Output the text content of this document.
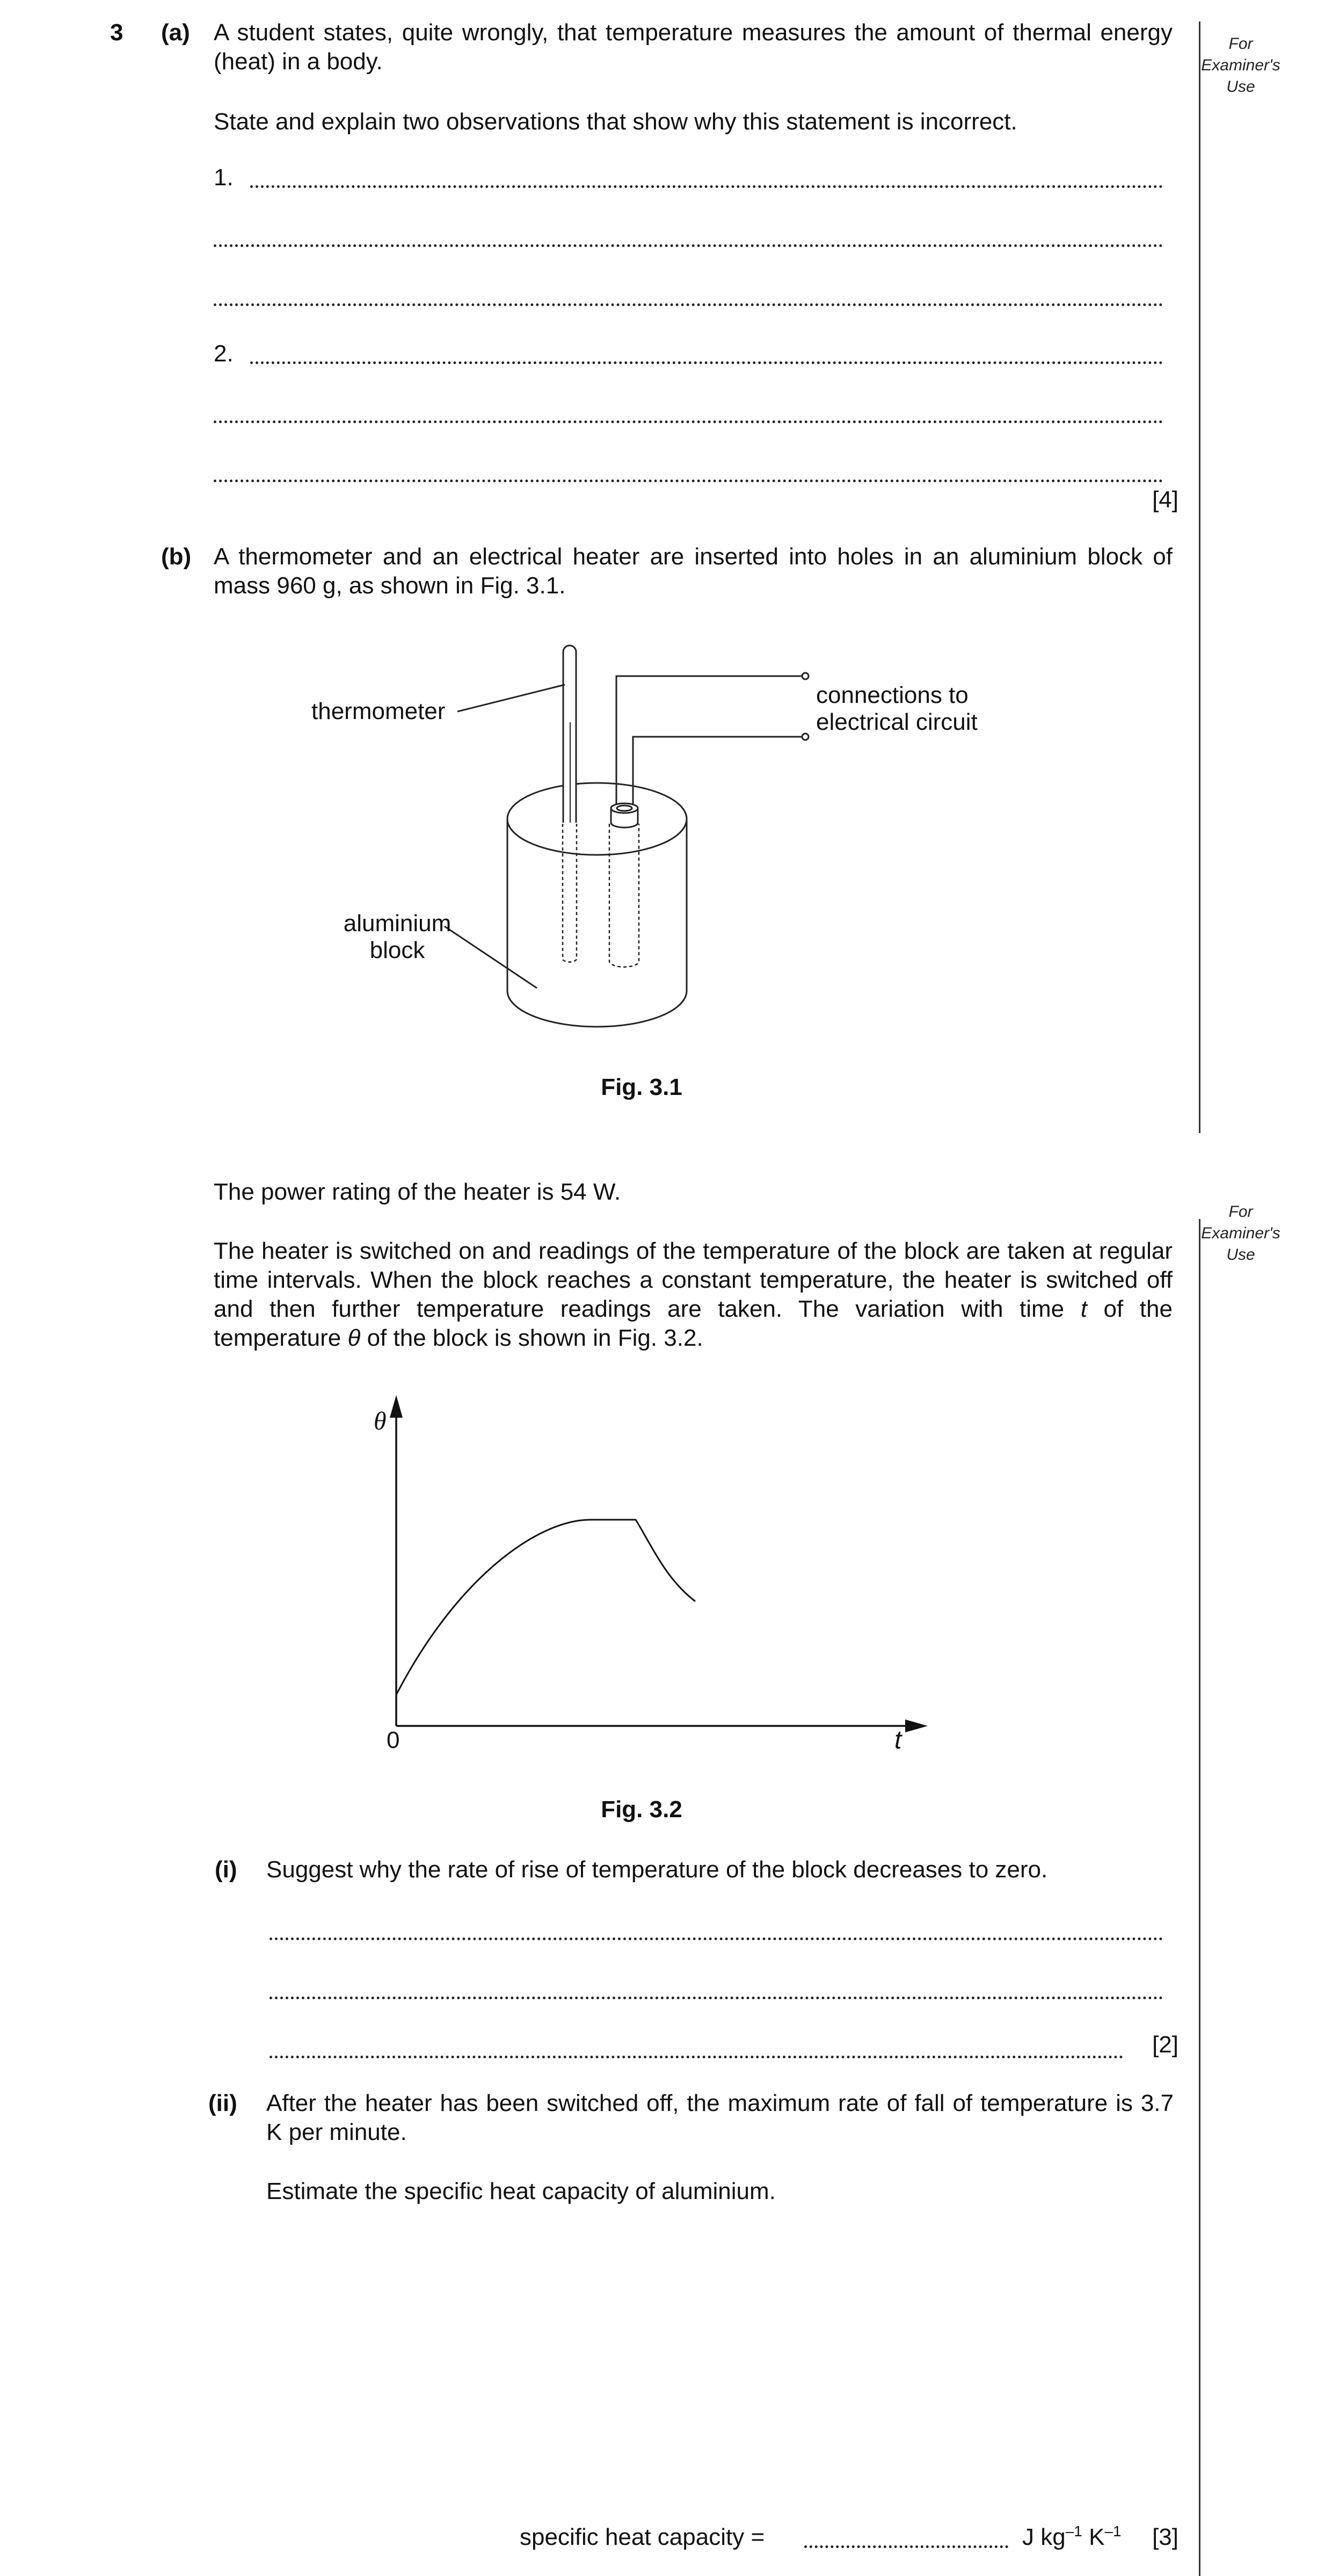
For
Examiner's
Use
For
Examiner's
Use
3 (a) A student states, quite wrongly, that temperature measures the amount of thermal energy (heat) in a body.
State and explain two observations that show why this statement is incorrect.
1.
2.
[4]
(b) A thermometer and an electrical heater are inserted into holes in an aluminium block of mass 960 g, as shown in Fig. 3.1.
thermometer
connections to
electrical circuit
aluminium
block
Fig. 3.1
The power rating of the heater is 54 W.
The heater is switched on and readings of the temperature of the block are taken at regular time intervals. When the block reaches a constant temperature, the heater is switched off and then further temperature readings are taken. The variation with time t of the temperature θ of the block is shown in Fig. 3.2.
θ
t
0
Fig. 3.2
(i) Suggest why the rate of rise of temperature of the block decreases to zero.
[2]
(ii) After the heater has been switched off, the maximum rate of fall of temperature is 3.7 K per minute.
Estimate the specific heat capacity of aluminium.
specific heat capacity =	J $kg^{-1}$ $K^{-1}$ [3]
